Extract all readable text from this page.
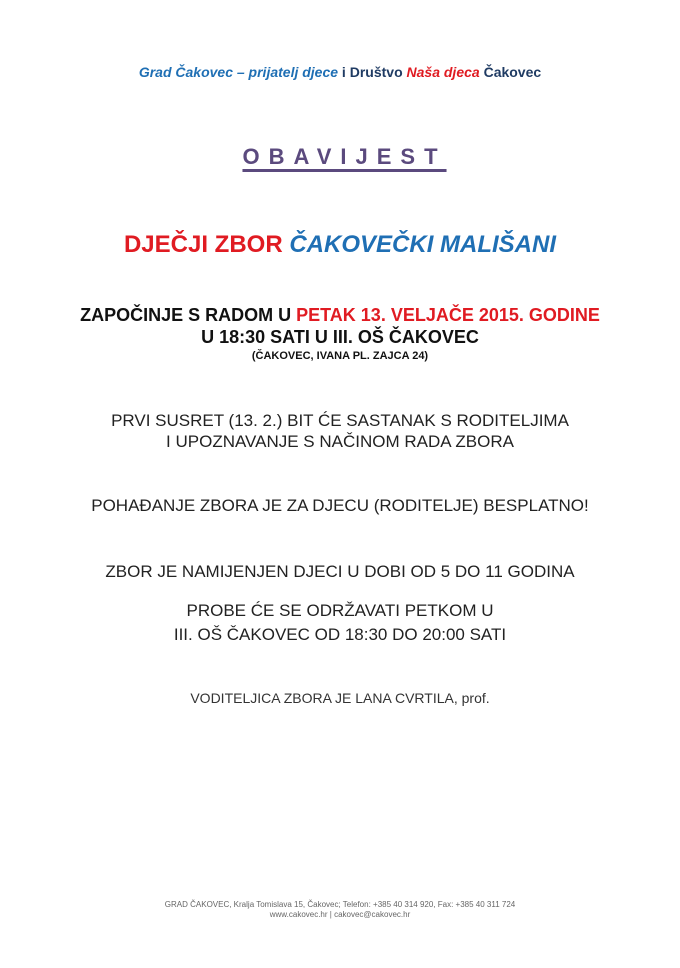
Grad Čakovec – prijatelj djece i Društvo Naša djeca Čakovec
OBAVIJEST
DJEČJI ZBOR ČAKOVEČKI MALIŠANI
ZAPOČINJE S RADOM U PETAK 13. VELJAČE 2015. GODINE
U 18:30 SATI U III. OŠ ČAKOVEC
(ČAKOVEC, IVANA PL. ZAJCA 24)
PRVI SUSRET (13. 2.) BIT ĆE SASTANAK S RODITELJIMA
I UPOZNAVANJE S NAČINOM RADA ZBORA
POHAĐANJE ZBORA JE ZA DJECU (RODITELJE) BESPLATNO!
ZBOR JE NAMIJENJEN DJECI U DOBI OD 5 DO 11 GODINA
PROBE ĆE SE ODRŽAVATI PETKOM U
III. OŠ ČAKOVEC OD 18:30 DO 20:00 SATI
VODITELJICA ZBORA JE LANA CVRTILA, prof.
GRAD ČAKOVEC, Kralja Tomislava 15, Čakovec; Telefon: +385 40 314 920, Fax: +385 40 311 724
www.cakovec.hr | cakovec@cakovec.hr
